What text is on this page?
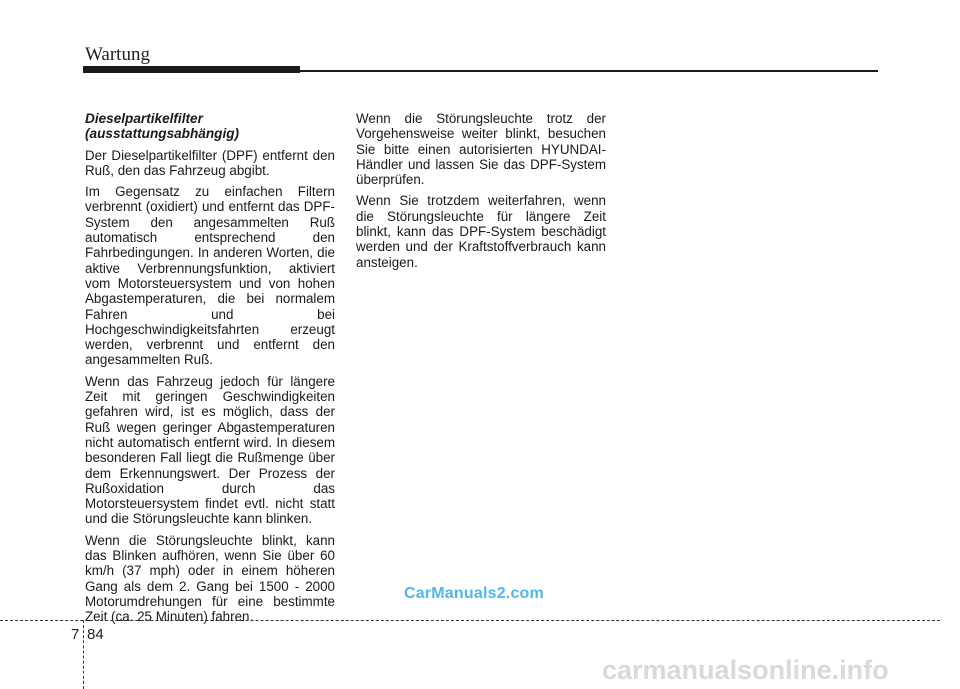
Wartung
Dieselpartikelfilter (ausstattungsabhängig)

Der Dieselpartikelfilter (DPF) entfernt den Ruß, den das Fahrzeug abgibt.

Im Gegensatz zu einfachen Filtern verbrennt (oxidiert) und entfernt das DPF-System den angesammelten Ruß automatisch entsprechend den Fahrbedingungen. In anderen Worten, die aktive Verbrennungsfunktion, aktiviert vom Motorsteuersystem und von hohen Abgastemperaturen, die bei normalem Fahren und bei Hochgeschwindigkeitsfahrten erzeugt werden, verbrennt und entfernt den angesammelten Ruß.

Wenn das Fahrzeug jedoch für längere Zeit mit geringen Geschwindigkeiten gefahren wird, ist es möglich, dass der Ruß wegen geringer Abgastemperaturen nicht automatisch entfernt wird. In diesem besonderen Fall liegt die Rußmenge über dem Erkennungswert. Der Prozess der Rußoxidation durch das Motorsteuersystem findet evtl. nicht statt und die Störungsleuchte kann blinken.

Wenn die Störungsleuchte blinkt, kann das Blinken aufhören, wenn Sie über 60 km/h (37 mph) oder in einem höheren Gang als dem 2. Gang bei 1500 - 2000 Motorumdrehungen für eine bestimmte Zeit (ca. 25 Minuten) fahren.

Wenn die Störungsleuchte trotz der Vorgehensweise weiter blinkt, besuchen Sie bitte einen autorisierten HYUNDAI-Händler und lassen Sie das DPF-System überprüfen.

Wenn Sie trotzdem weiterfahren, wenn die Störungsleuchte für längere Zeit blinkt, kann das DPF-System beschädigt werden und der Kraftstoffverbrauch kann ansteigen.

CarManuals2.com
7 84
carmanualsonline.info
